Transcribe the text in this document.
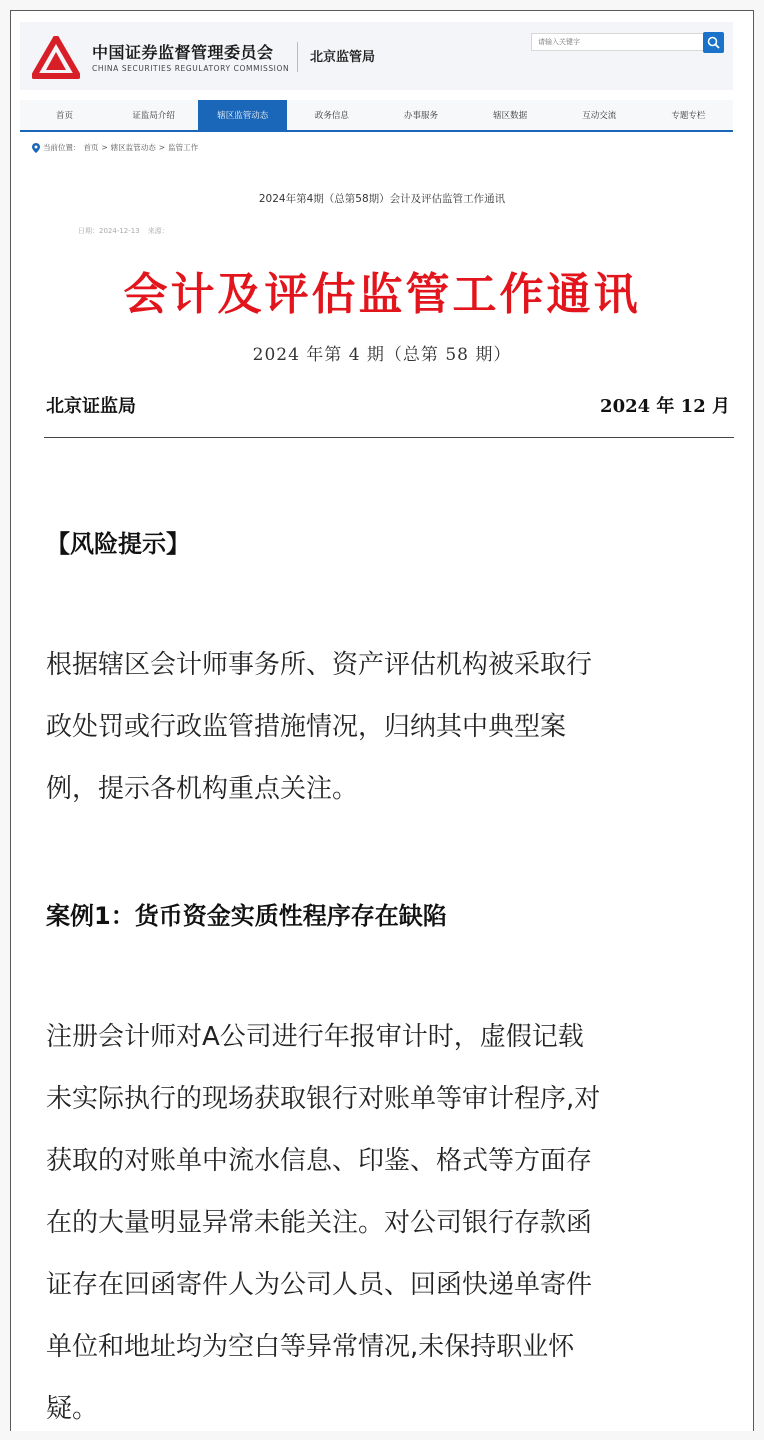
中国证券监督管理委员会
CHINA SECURITIES REGULATORY COMMISSION
北京监管局
请输入关键字
首页	证监局介绍	辖区监管动态	政务信息	办事服务	辖区数据	互动交流	专题专栏
当前位置： 首页 > 辖区监管动态 > 监管工作
2024年第4期（总第58期）会计及评估监管工作通讯
日期：2024-12-13 来源：
会计及评估监管工作通讯
2024 年第 4 期（总第 58 期）
北京证监局	2024 年 12 月
【风险提示】
根据辖区会计师事务所、资产评估机构被采取行
政处罚或行政监管措施情况，归纳其中典型案
例，提示各机构重点关注。
案例1：货币资金实质性程序存在缺陷
注册会计师对A公司进行年报审计时，虚假记载
未实际执行的现场获取银行对账单等审计程序,对
获取的对账单中流水信息、印鉴、格式等方面存
在的大量明显异常未能关注。对公司银行存款函
证存在回函寄件人为公司人员、回函快递单寄件
单位和地址均为空白等异常情况,未保持职业怀
疑。
